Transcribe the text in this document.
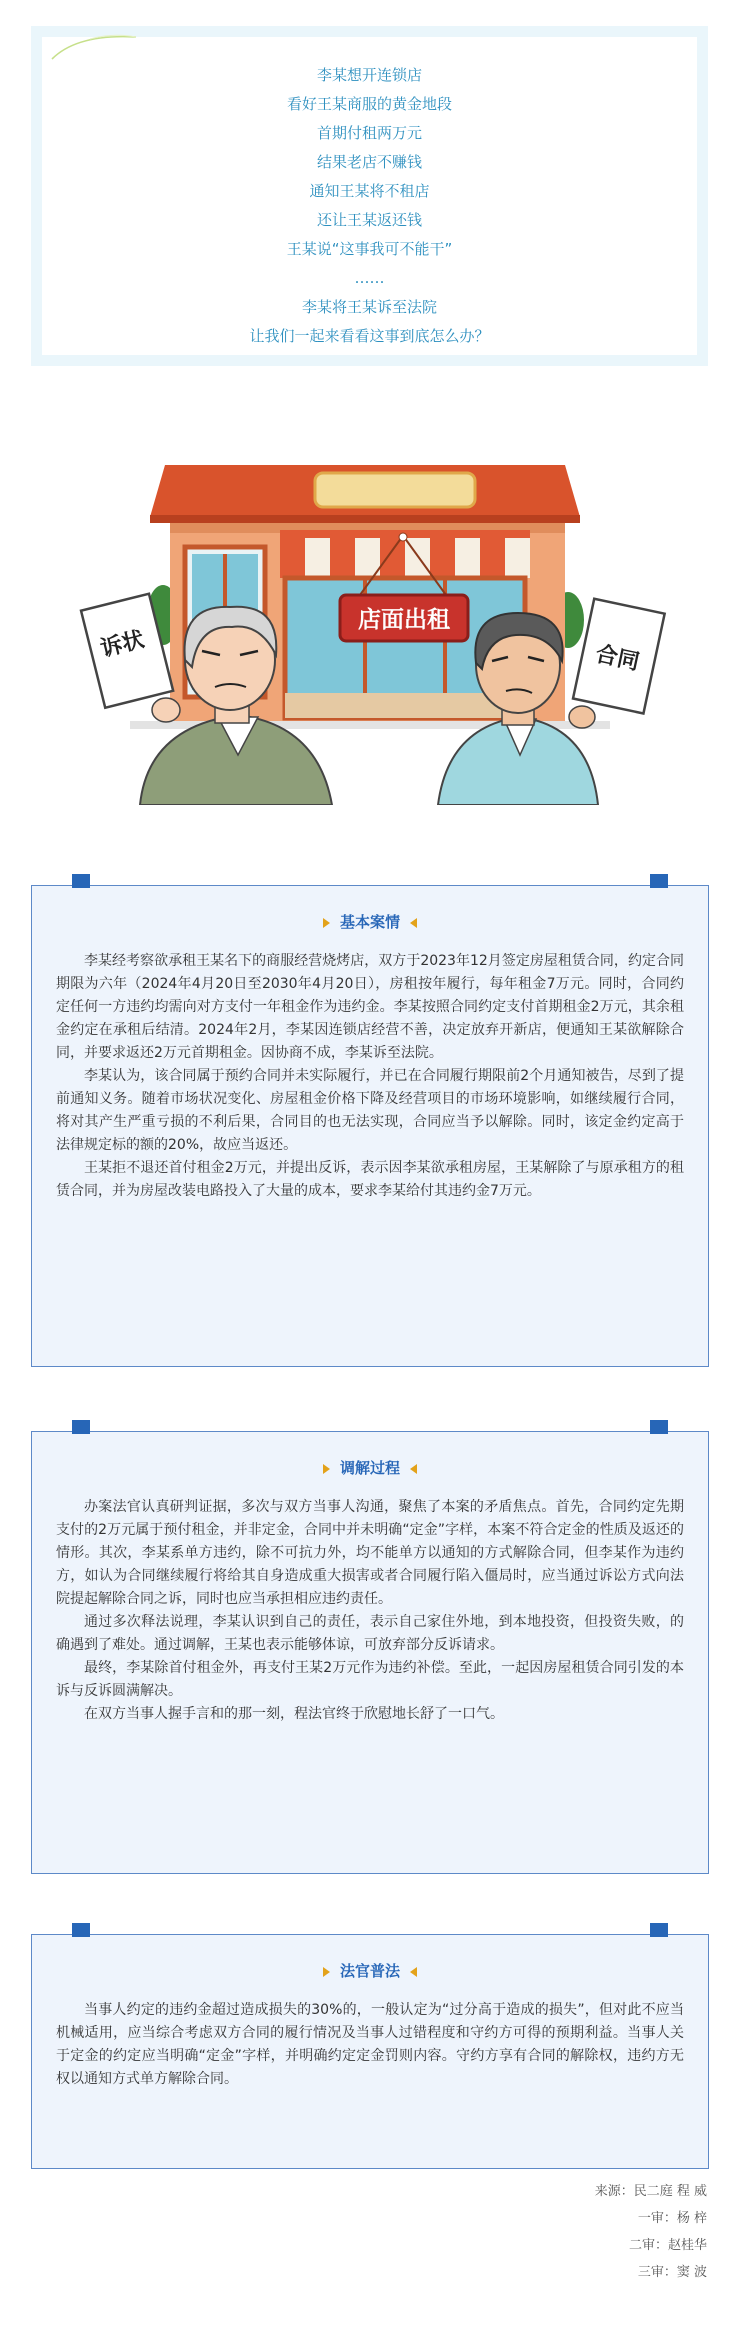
李某想开连锁店
看好王某商服的黄金地段
首期付租两万元
结果老店不赚钱
通知王某将不租店
还让王某返还钱
王某说“这事我可不能干”
……
李某将王某诉至法院
让我们一起来看看这事到底怎么办？
店面出租
诉状	合同
基本案情

李某经考察欲承租王某名下的商服经营烧烤店，双方于2023年12月签定房屋租赁合同，约定合同期限为六年（2024年4月20日至2030年4月20日），房租按年履行，每年租金7万元。同时，合同约定任何一方违约均需向对方支付一年租金作为违约金。李某按照合同约定支付首期租金2万元，其余租金约定在承租后结清。2024年2月，李某因连锁店经营不善，决定放弃开新店，便通知王某欲解除合同，并要求返还2万元首期租金。因协商不成，李某诉至法院。

李某认为，该合同属于预约合同并未实际履行，并已在合同履行期限前2个月通知被告，尽到了提前通知义务。随着市场状况变化、房屋租金价格下降及经营项目的市场环境影响，如继续履行合同，将对其产生严重亏损的不利后果，合同目的也无法实现，合同应当予以解除。同时，该定金约定高于法律规定标的额的20%，故应当返还。

王某拒不退还首付租金2万元，并提出反诉，表示因李某欲承租房屋，王某解除了与原承租方的租赁合同，并为房屋改装电路投入了大量的成本，要求李某给付其违约金7万元。

调解过程

办案法官认真研判证据，多次与双方当事人沟通，聚焦了本案的矛盾焦点。首先，合同约定先期支付的2万元属于预付租金，并非定金，合同中并未明确“定金”字样，本案不符合定金的性质及返还的情形。其次，李某系单方违约，除不可抗力外，均不能单方以通知的方式解除合同，但李某作为违约方，如认为合同继续履行将给其自身造成重大损害或者合同履行陷入僵局时，应当通过诉讼方式向法院提起解除合同之诉，同时也应当承担相应违约责任。

通过多次释法说理，李某认识到自己的责任，表示自己家住外地，到本地投资，但投资失败，的确遇到了难处。通过调解，王某也表示能够体谅，可放弃部分反诉请求。

最终，李某除首付租金外，再支付王某2万元作为违约补偿。至此，一起因房屋租赁合同引发的本诉与反诉圆满解决。

在双方当事人握手言和的那一刻，程法官终于欣慰地长舒了一口气。

法官普法

当事人约定的违约金超过造成损失的30%的，一般认定为“过分高于造成的损失”，但对此不应当机械适用，应当综合考虑双方合同的履行情况及当事人过错程度和守约方可得的预期利益。当事人关于定金的约定应当明确“定金”字样，并明确约定定金罚则内容。守约方享有合同的解除权，违约方无权以通知方式单方解除合同。

来源：民二庭 程 威
一审：杨 梓
二审：赵桂华
三审：窦 波
